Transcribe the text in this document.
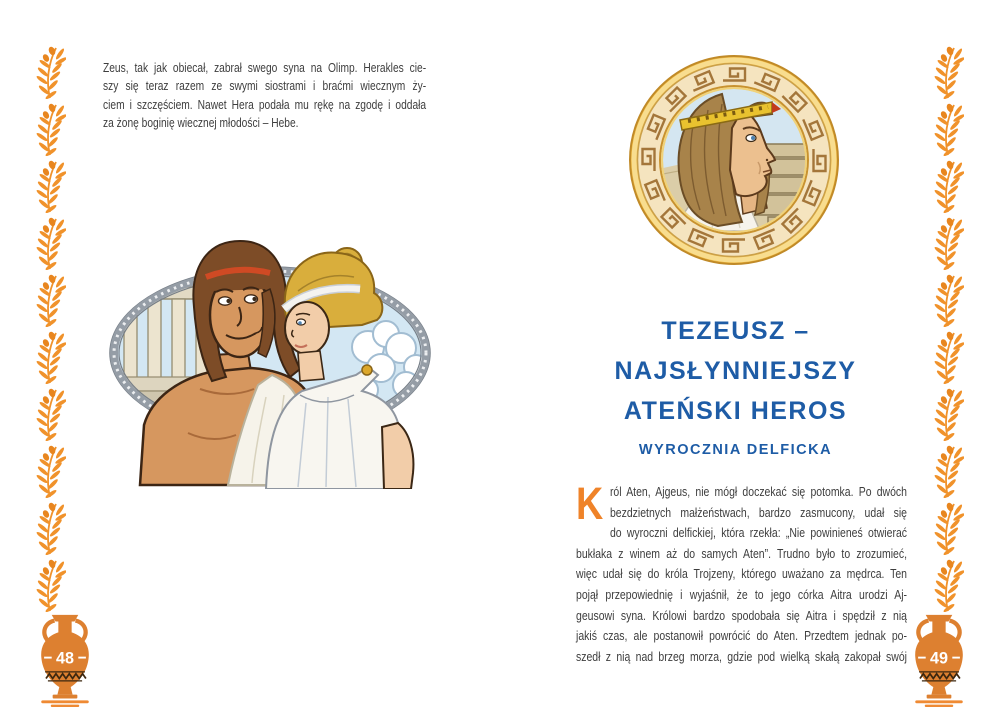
Zeus, tak jak obiecał, zabrał swego syna na Olimp. Herakles cie-
szy się teraz razem ze swymi siostrami i braćmi wiecznym ży-
ciem i szczęściem. Nawet Hera podała mu rękę na zgodę i oddała
za żonę boginię wiecznej młodości – Hebe.
48	49
TEZEUSZ –
NAJSŁYNNIEJSZY
ATEŃSKI HEROS
WYROCZNIA DELFICKA
K ról Aten, Ajgeus, nie mógł doczekać się potomka. Po dwóch
bezdzietnych małżeństwach, bardzo zasmucony, udał się
do wyroczni delfickiej, która rzekła: „Nie powinieneś otwierać
bukłaka z winem aż do samych Aten”. Trudno było to zrozumieć,
więc udał się do króla Trojzeny, którego uważano za mędrca. Ten
pojął przepowiednię i wyjaśnił, że to jego córka Aitra urodzi Aj-
geusowi syna. Królowi bardzo spodobała się Aitra i spędził z nią
jakiś czas, ale postanowił powrócić do Aten. Przedtem jednak po-
szedł z nią nad brzeg morza, gdzie pod wielką skałą zakopał swój
